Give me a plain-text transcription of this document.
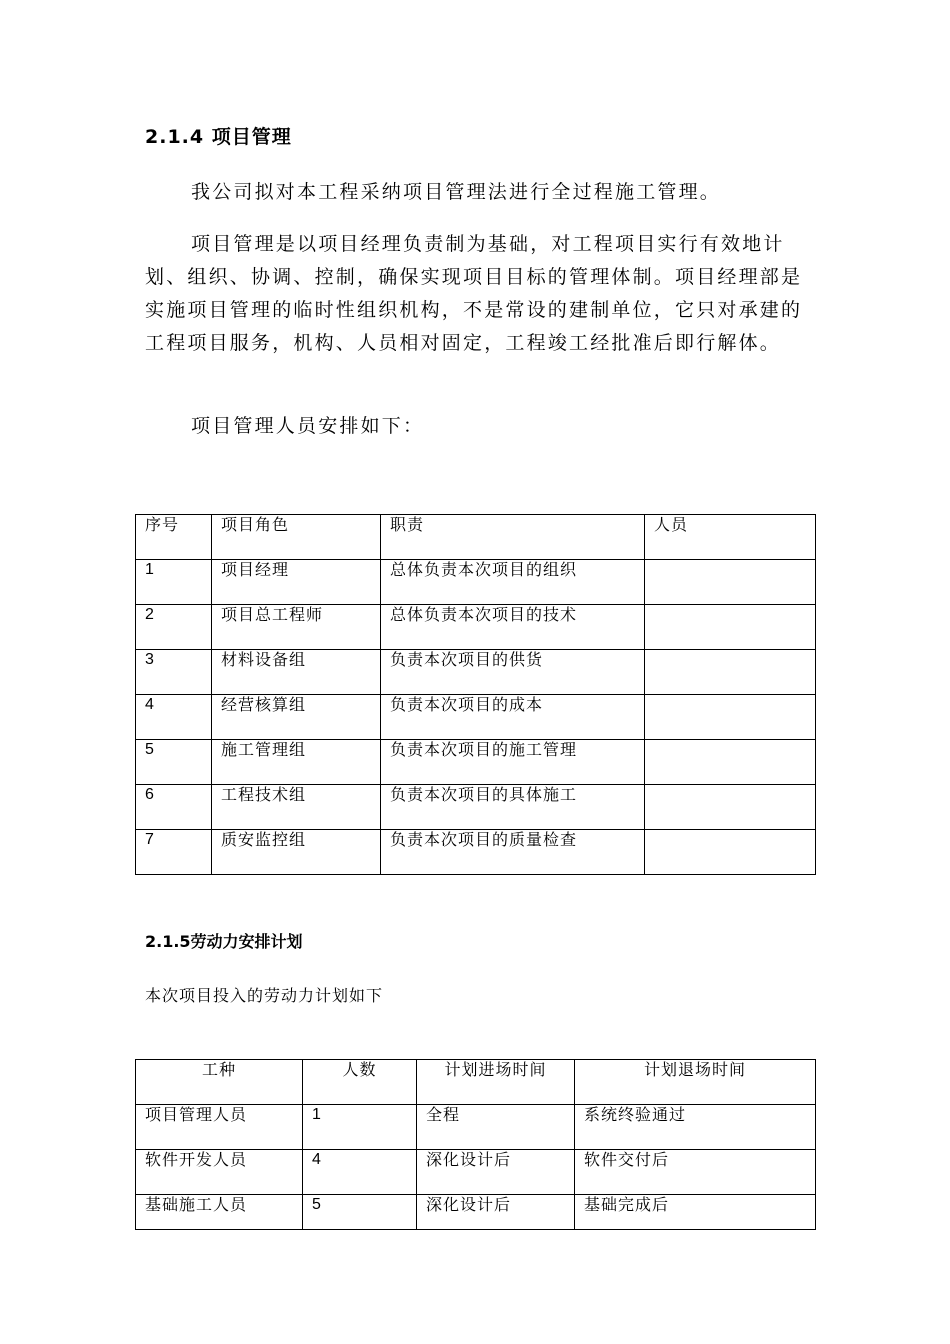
2.1.4 项目管理

我公司拟对本工程采纳项目管理法进行全过程施工管理。

项目管理是以项目经理负责制为基础，对工程项目实行有效地计划、组织、协调、控制，确保实现项目目标的管理体制。项目经理部是实施项目管理的临时性组织机构，不是常设的建制单位，它只对承建的工程项目服务，机构、人员相对固定，工程竣工经批准后即行解体。

项目管理人员安排如下：

序号	项目角色	职责	人员

1	项目经理	总体负责本次项目的组织	

2	项目总工程师	总体负责本次项目的技术	

3	材料设备组	负责本次项目的供货	

4	经营核算组	负责本次项目的成本	

5	施工管理组	负责本次项目的施工管理	

6	工程技术组	负责本次项目的具体施工	

7	质安监控组	负责本次项目的质量检查	

2.1.5劳动力安排计划

本次项目投入的劳动力计划如下

工种	人数	计划进场时间	计划退场时间

项目管理人员	1	全程	系统终验通过

软件开发人员	4	深化设计后	软件交付后

基础施工人员	5	深化设计后	基础完成后
